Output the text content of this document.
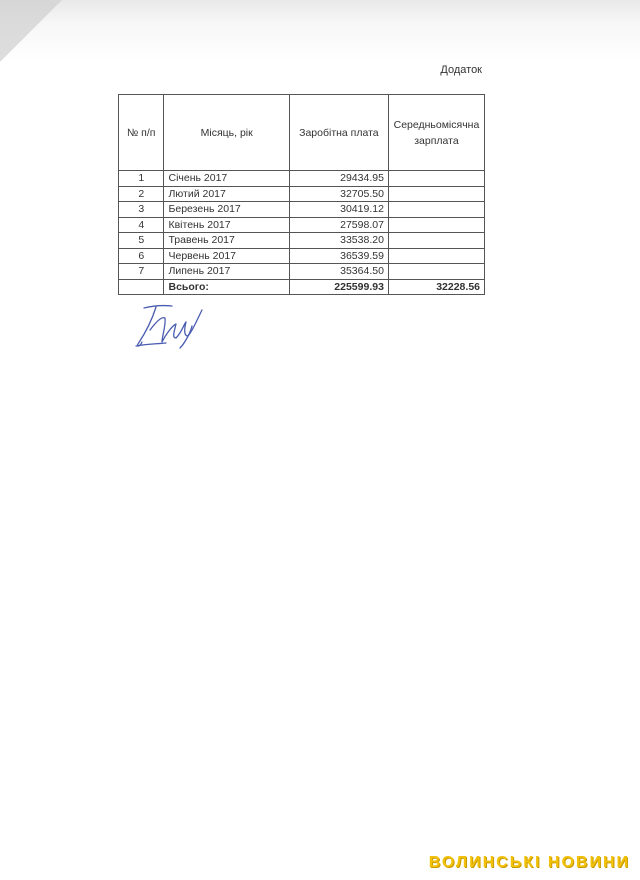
Додаток
№ п/п	Місяць, рік	Заробітна плата	Середньомісячна зарплата
1	Січень 2017	29434.95	
2	Лютий 2017	32705.50	
3	Березень 2017	30419.12	
4	Квітень 2017	27598.07	
5	Травень 2017	33538.20	
6	Червень 2017	36539.59	
7	Липень 2017	35364.50	
	Всього:	225599.93	32228.56
ВОЛИНСЬКІ НОВИНИ
